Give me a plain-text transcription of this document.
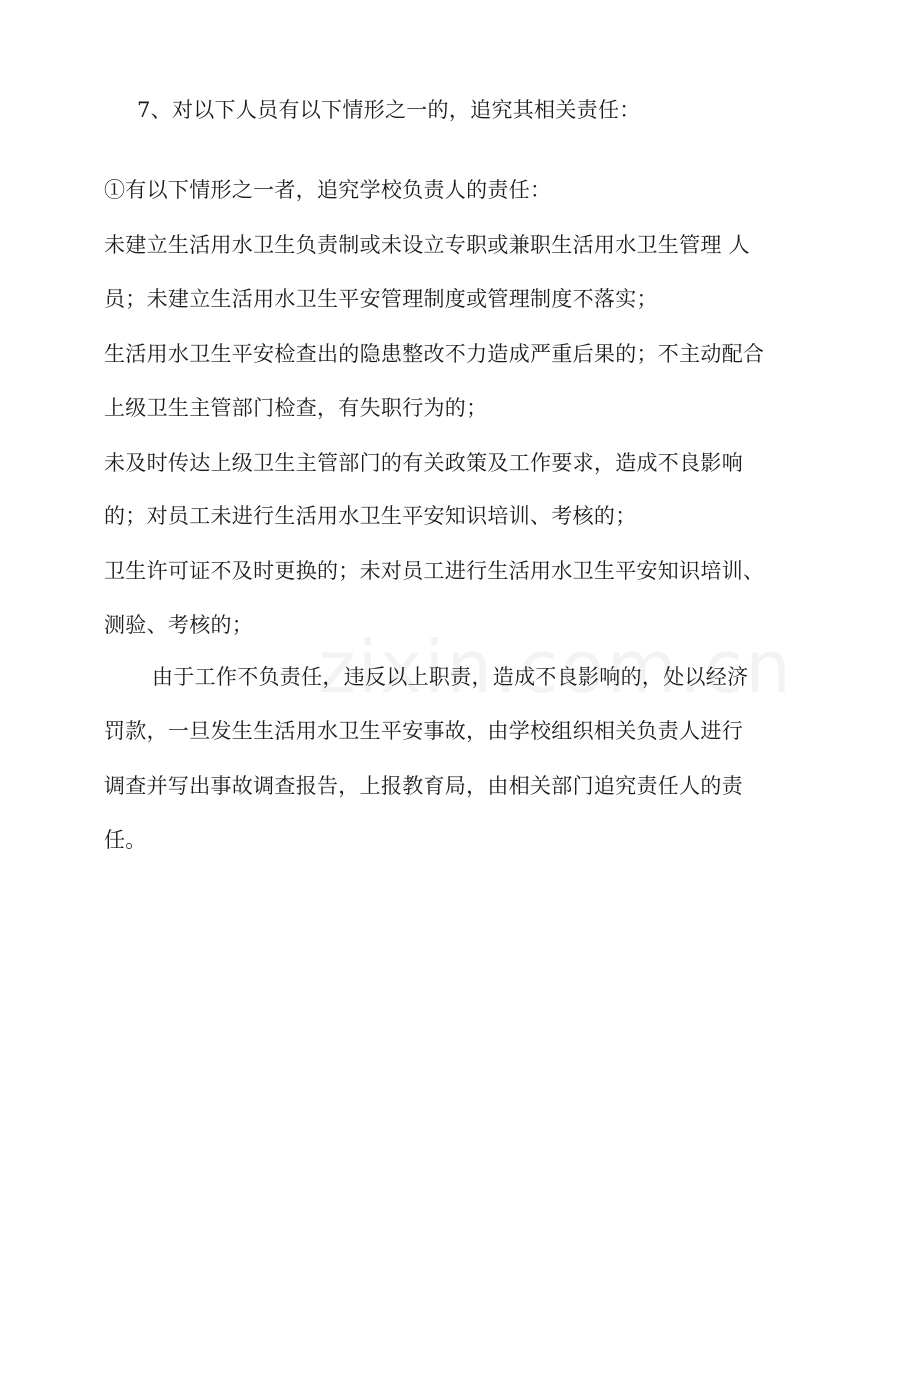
7、对以下人员有以下情形之一的，追究其相关责任：
①有以下情形之一者，追究学校负责人的责任：
未建立生活用水卫生负责制或未设立专职或兼职生活用水卫生管理 人
员；未建立生活用水卫生平安管理制度或管理制度不落实；
生活用水卫生平安检查出的隐患整改不力造成严重后果的；不主动配合
上级卫生主管部门检查，有失职行为的；
未及时传达上级卫生主管部门的有关政策及工作要求，造成不良影响
的；对员工未进行生活用水卫生平安知识培训、考核的；
卫生许可证不及时更换的；未对员工进行生活用水卫生平安知识培训、
测验、考核的；
由于工作不负责任，违反以上职责，造成不良影响的，处以经济
罚款，一旦发生生活用水卫生平安事故，由学校组织相关负责人进行
调查并写出事故调查报告，上报教育局，由相关部门追究责任人的责
任。
